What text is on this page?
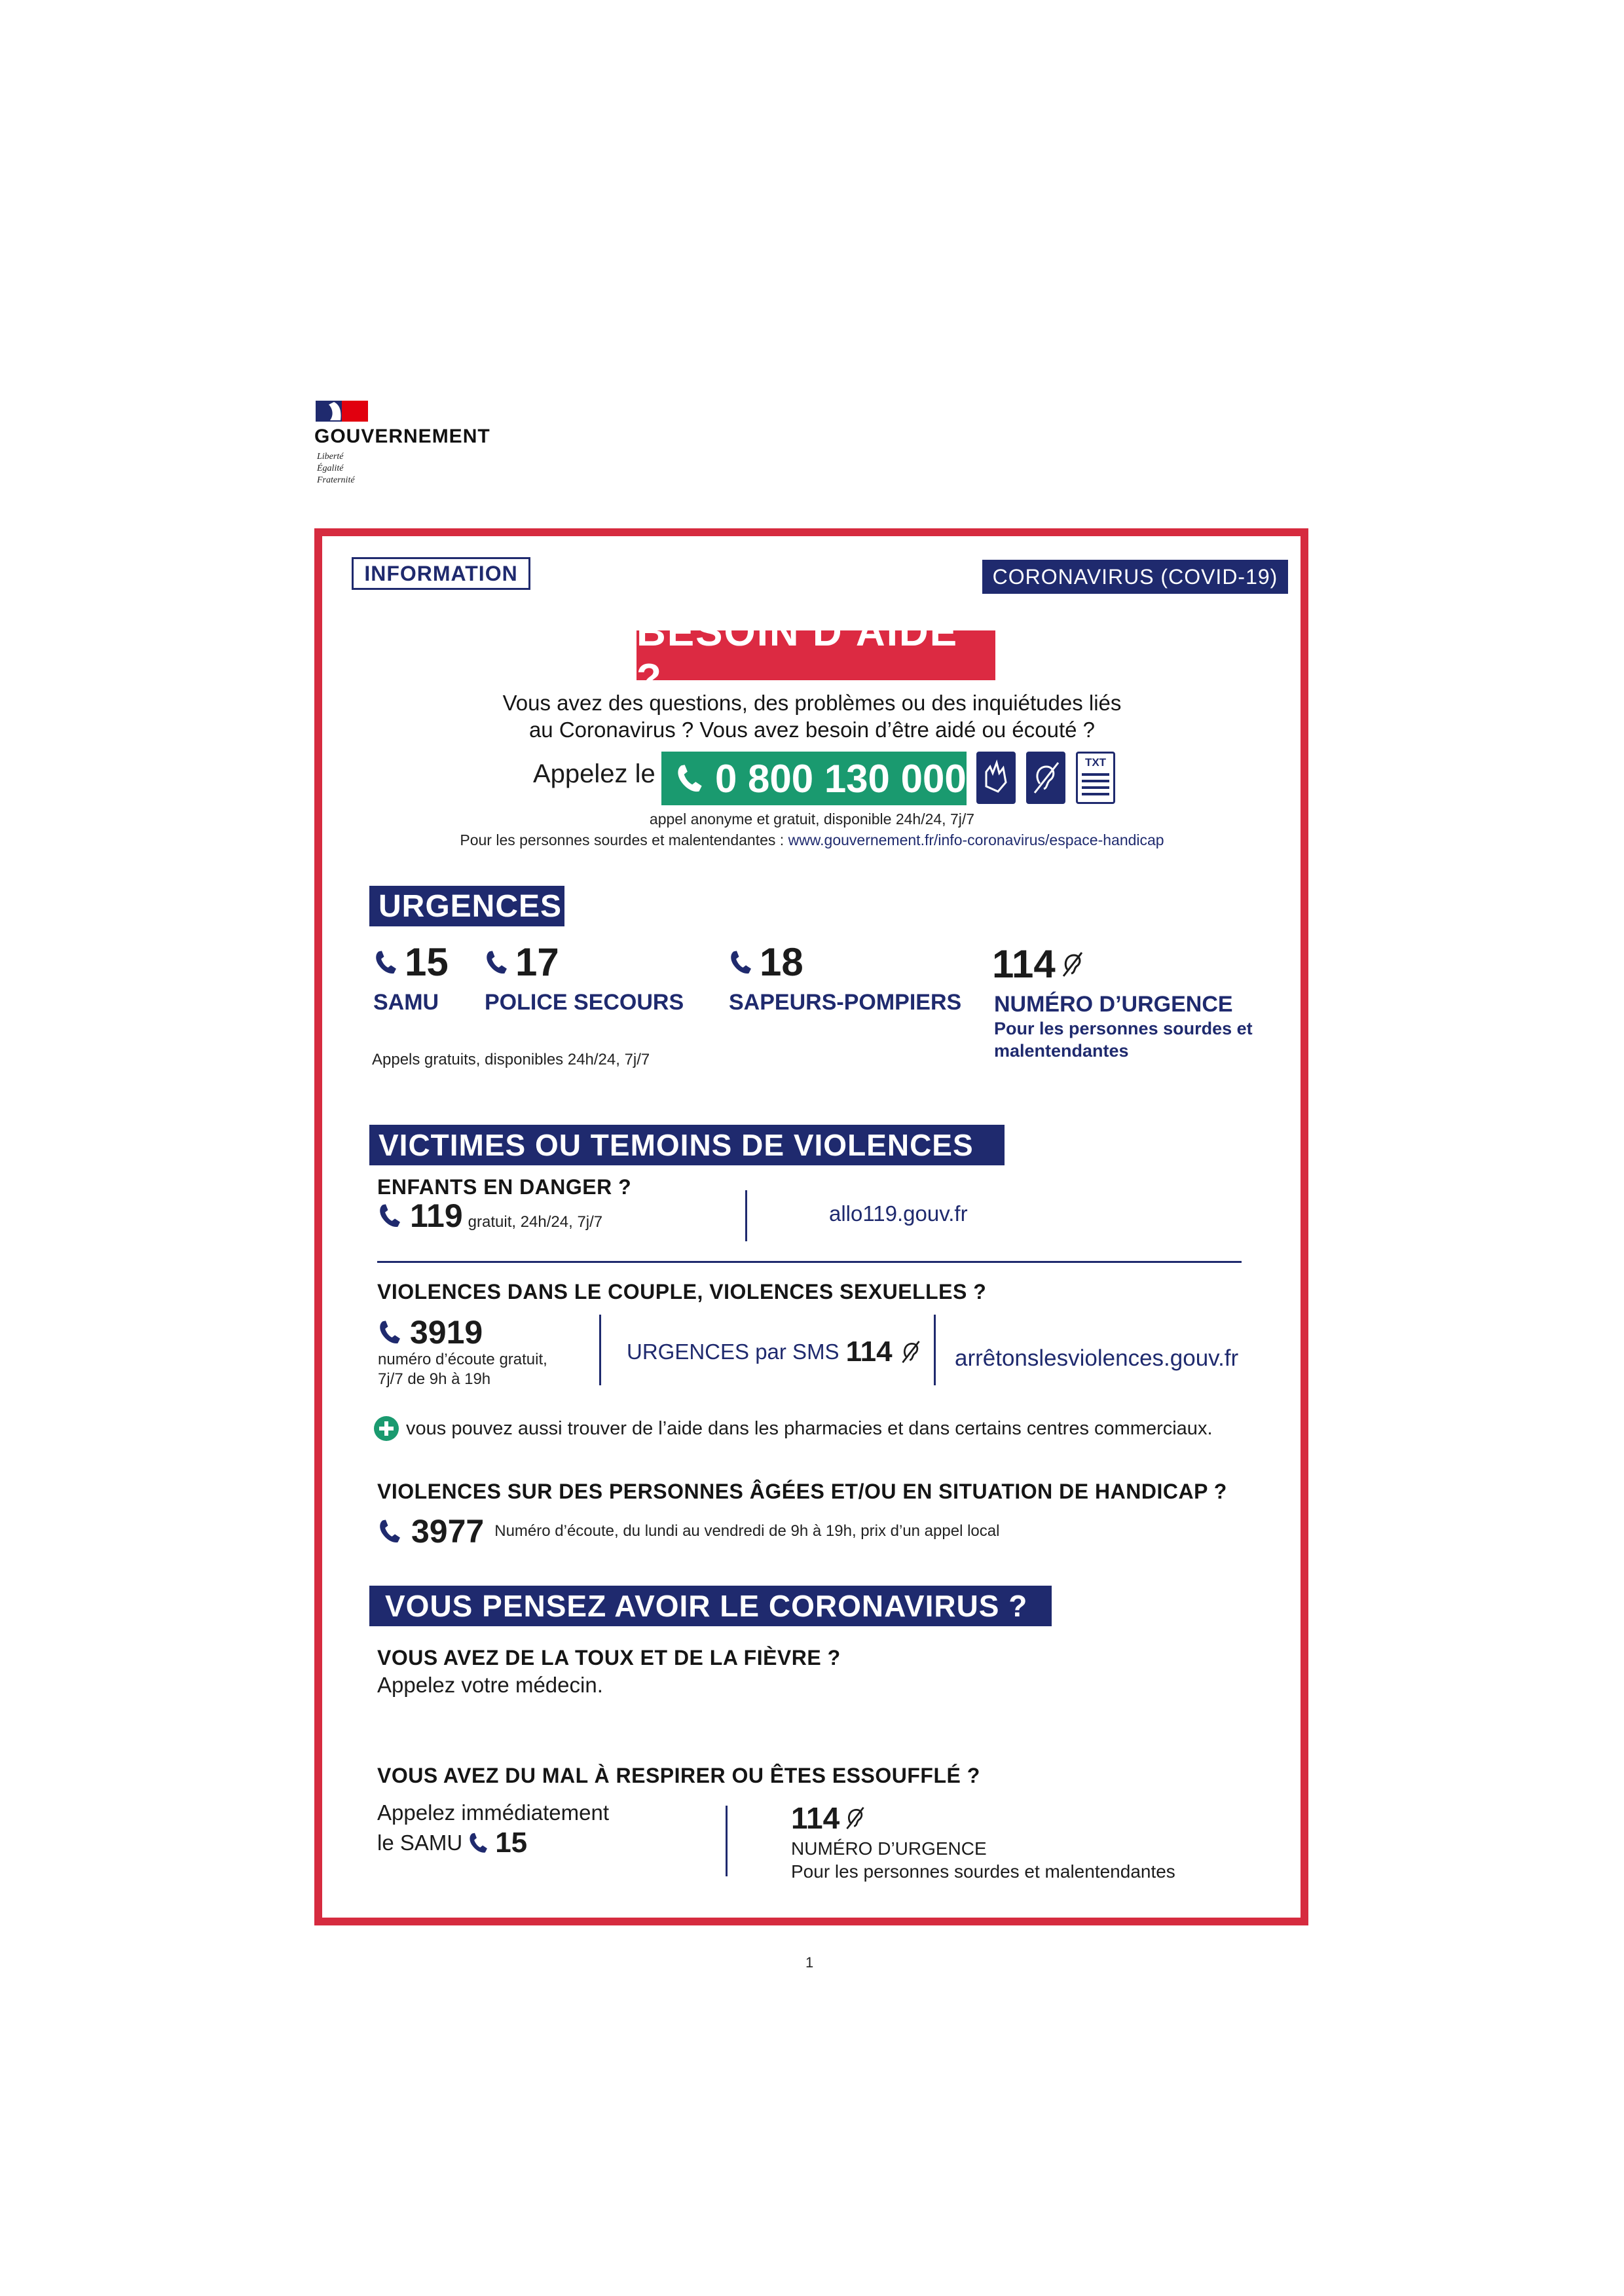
GOUVERNEMENT
Liberté
Égalité
Fraternité
INFORMATION	CORONAVIRUS (COVID-19)
BESOIN D’AIDE ?
Vous avez des questions, des problèmes ou des inquiétudes liés
au Coronavirus ? Vous avez besoin d’être aidé ou écouté ?
Appelez le 0 800 130 000	TXT
appel anonyme et gratuit, disponible 24h/24, 7j/7
Pour les personnes sourdes et malentendantes : www.gouvernement.fr/info-coronavirus/espace-handicap
URGENCES
15
SAMU
17
POLICE SECOURS
18
SAPEURS-POMPIERS
114
NUMÉRO D’URGENCE
Pour les personnes sourdes et
malentendantes
Appels gratuits, disponibles 24h/24, 7j/7
VICTIMES OU TEMOINS DE VIOLENCES
ENFANTS EN DANGER ?
119 gratuit, 24h/24, 7j/7	allo119.gouv.fr
VIOLENCES DANS LE COUPLE, VIOLENCES SEXUELLES ?
3919
numéro d’écoute gratuit,
7j/7 de 9h à 19h
URGENCES par SMS 114	arrêtonslesviolences.gouv.fr
vous pouvez aussi trouver de l’aide dans les pharmacies et dans certains centres commerciaux.
VIOLENCES SUR DES PERSONNES ÂGÉES ET/OU EN SITUATION DE HANDICAP ?
3977 Numéro d’écoute, du lundi au vendredi de 9h à 19h, prix d’un appel local
VOUS PENSEZ AVOIR LE CORONAVIRUS ?
VOUS AVEZ DE LA TOUX ET DE LA FIÈVRE ?
Appelez votre médecin.
VOUS AVEZ DU MAL À RESPIRER OU ÊTES ESSOUFFLÉ ?
Appelez immédiatement
le SAMU 15
114
NUMÉRO D’URGENCE
Pour les personnes sourdes et malentendantes
1
